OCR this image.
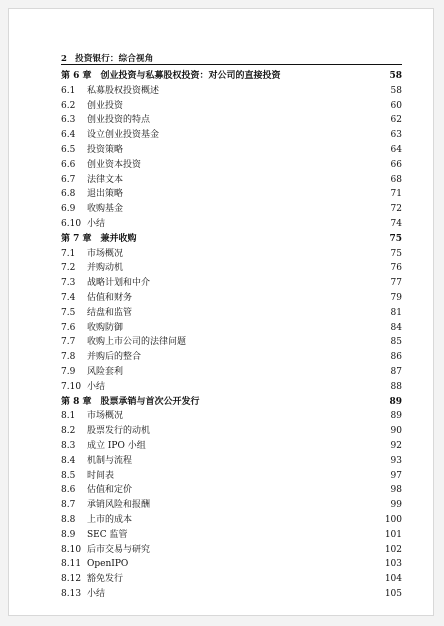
2 投资银行：综合视角
第 6 章 创业投资与私募股权投资：对公司的直接投资	58
6.1	私募股权投资概述	58
6.2	创业投资	60
6.3	创业投资的特点	62
6.4	设立创业投资基金	63
6.5	投资策略	64
6.6	创业资本投资	66
6.7	法律文本	68
6.8	退出策略	71
6.9	收购基金	72
6.10 小结	74
第 7 章 兼并收购	75
7.1	市场概况	75
7.2	并购动机	76
7.3	战略计划和中介	77
7.4	估值和财务	79
7.5	结盘和监管	81
7.6	收购防御	84
7.7	收购上市公司的法律问题	85
7.8	并购后的整合	86
7.9	风险套利	87
7.10 小结	88
第 8 章 股票承销与首次公开发行	89
8.1	市场概况	89
8.2	股票发行的动机	90
8.3	成立 IPO 小组	92
8.4	机制与流程	93
8.5	时间表	97
8.6	估值和定价	98
8.7	承销风险和报酬	99
8.8	上市的成本	100
8.9	SEC 监管	101
8.10 后市交易与研究	102
8.11 OpenIPO	103
8.12 豁免发行	104
8.13 小结	105
